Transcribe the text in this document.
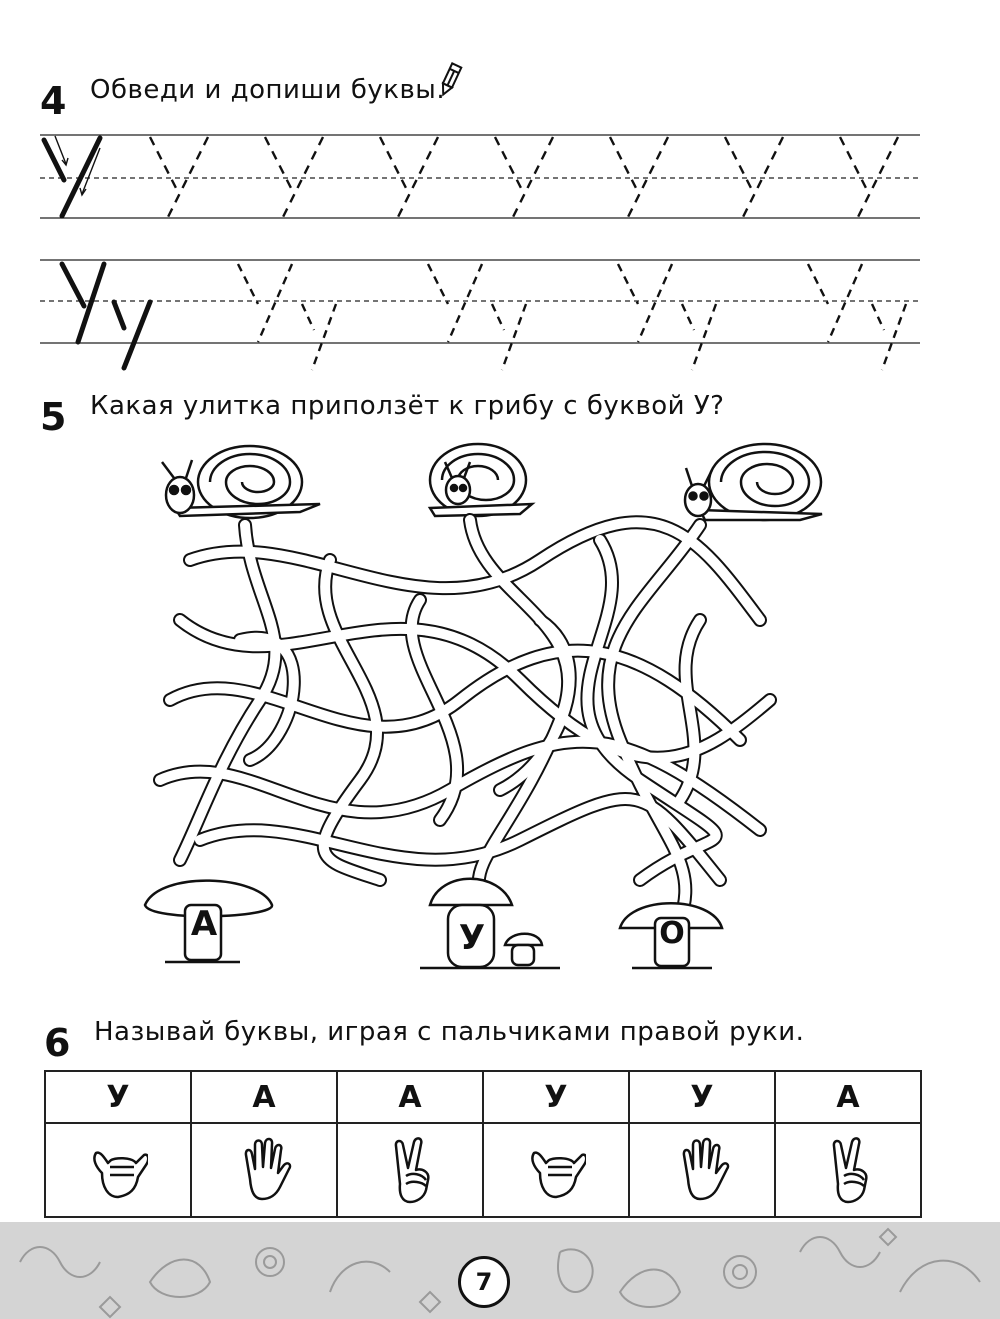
4 Обведи и допиши буквы.
5 Какая улитка приползёт к грибу с буквой У?
А	У	О
6 Называй буквы, играя с пальчиками правой руки.
У	А	А	У	У	А

7
